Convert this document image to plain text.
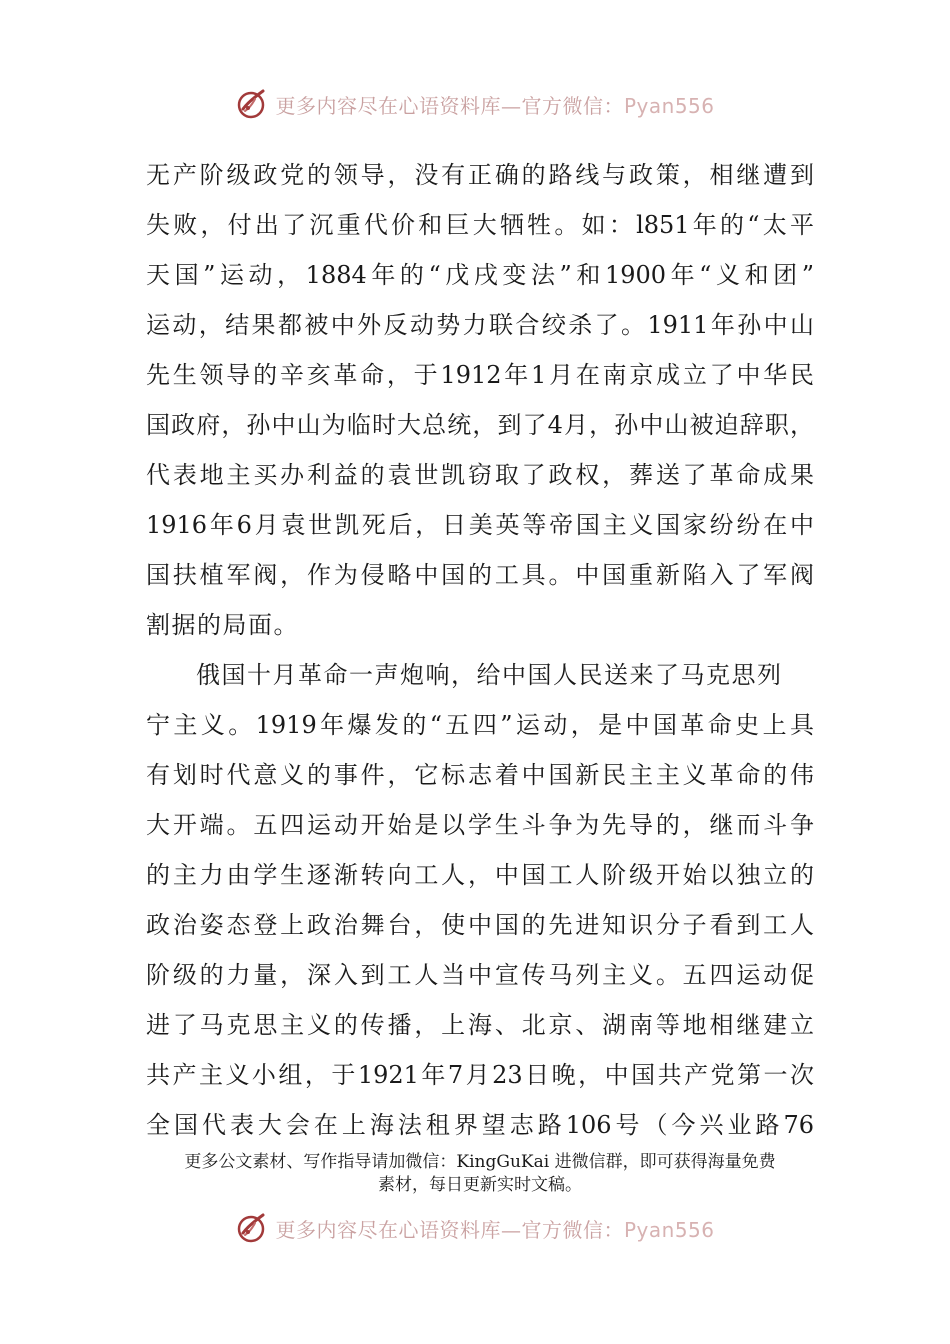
更多内容尽在心语资料库—官方微信：Pyan556
无产阶级政党的领导，没有正确的路线与政策，相继遭到
失败，付出了沉重代价和巨大牺牲。如：l851年的“太平
天国”运动，1884年的“戊戌变法”和1900年“义和团”
运动，结果都被中外反动势力联合绞杀了。1911年孙中山
先生领导的辛亥革命，于1912年1月在南京成立了中华民
国政府，孙中山为临时大总统，到了4月，孙中山被迫辞职，
代表地主买办利益的袁世凯窃取了政权，葬送了革命成果
1916年6月袁世凯死后，日美英等帝国主义国家纷纷在中
国扶植军阀，作为侵略中国的工具。中国重新陷入了军阀
割据的局面。
俄国十月革命一声炮响，给中国人民送来了马克思列
宁主义。1919年爆发的“五四”运动，是中国革命史上具
有划时代意义的事件，它标志着中国新民主主义革命的伟
大开端。五四运动开始是以学生斗争为先导的，继而斗争
的主力由学生逐渐转向工人，中国工人阶级开始以独立的
政治姿态登上政治舞台，使中国的先进知识分子看到工人
阶级的力量，深入到工人当中宣传马列主义。五四运动促
进了马克思主义的传播，上海、北京、湖南等地相继建立
共产主义小组，于1921年7月23日晚，中国共产党第一次
全国代表大会在上海法租界望志路106号（今兴业路76
更多公文素材、写作指导请加微信：KingGuKai 进微信群，即可获得海量免费
素材，每日更新实时文稿。
更多内容尽在心语资料库—官方微信：Pyan556
